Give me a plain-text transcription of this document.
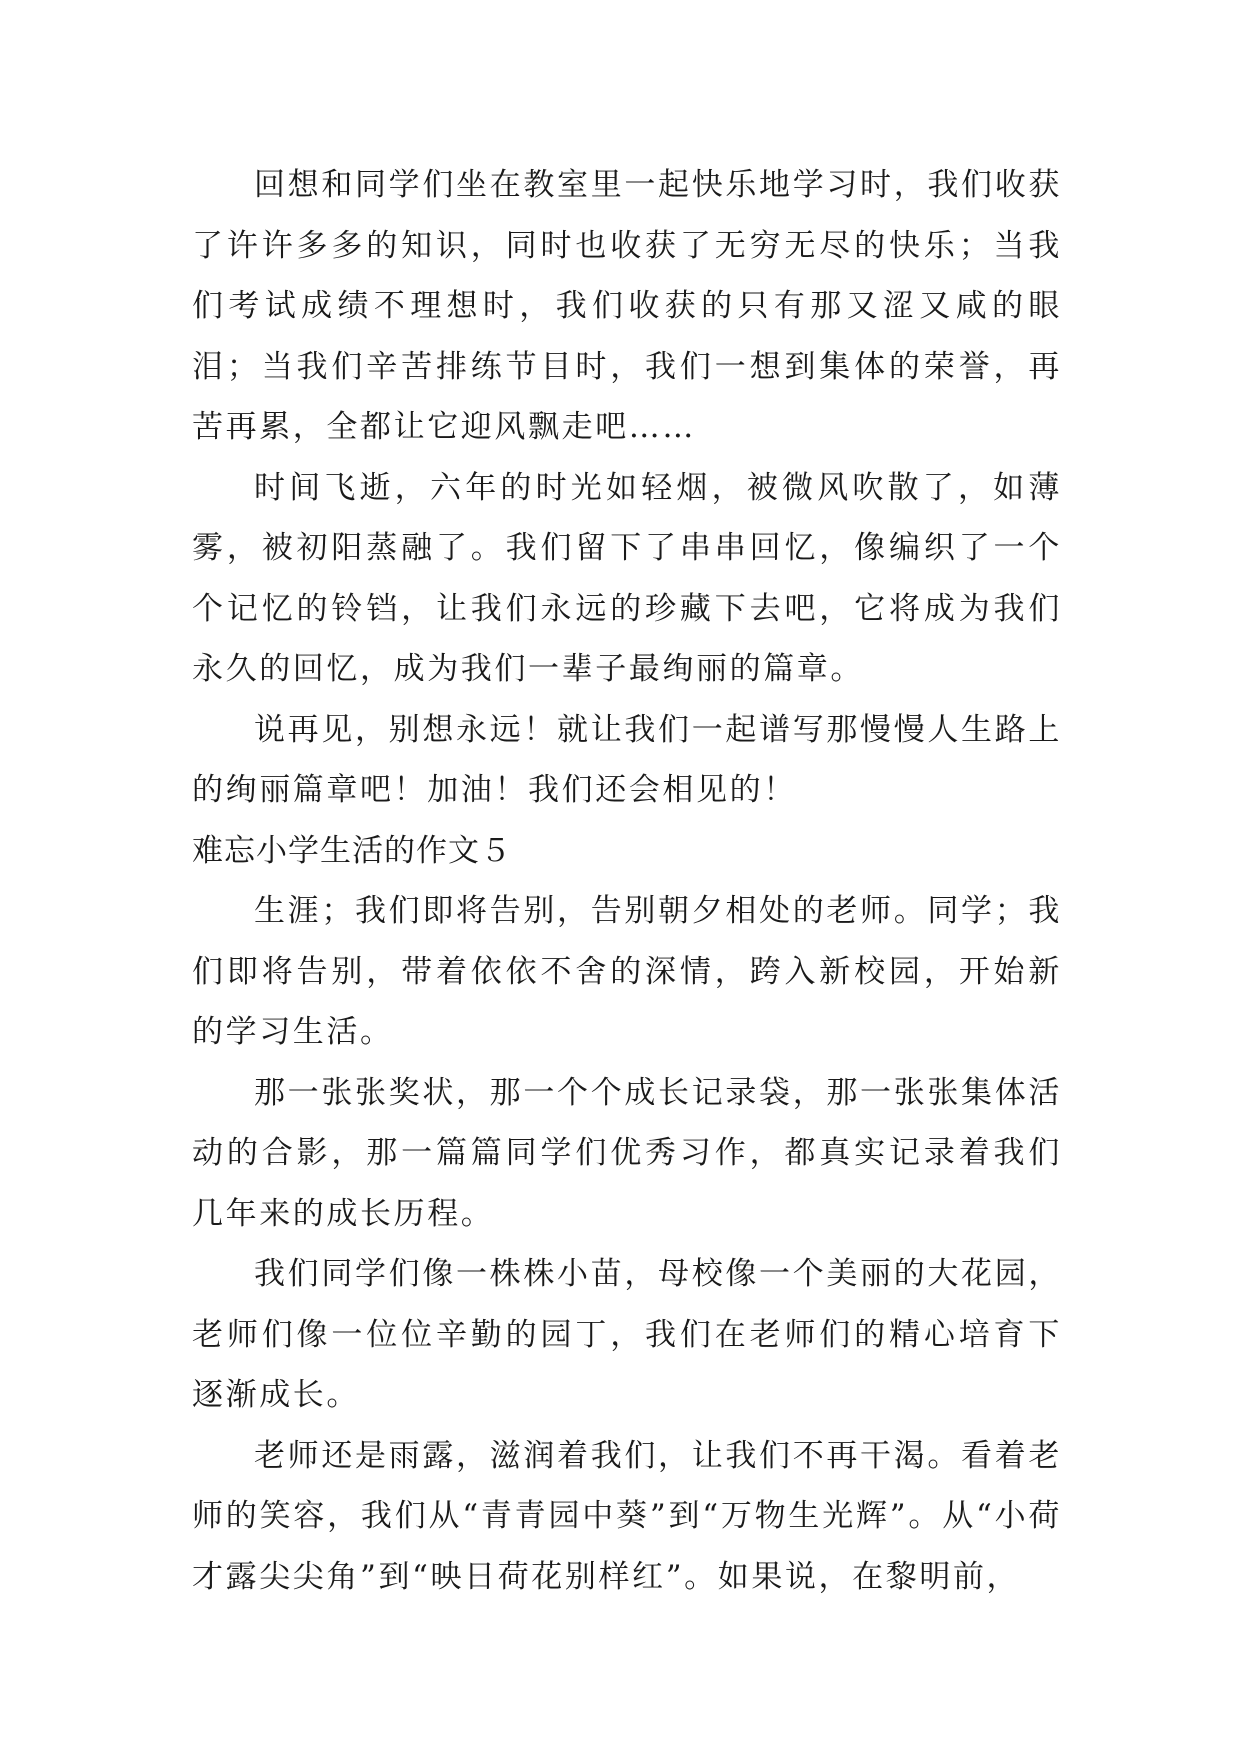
回想和同学们坐在教室里一起快乐地学习时，我们收获了许许多多的知识，同时也收获了无穷无尽的快乐；当我们考试成绩不理想时，我们收获的只有那又涩又咸的眼泪；当我们辛苦排练节目时，我们一想到集体的荣誉，再苦再累，全都让它迎风飘走吧……

时间飞逝，六年的时光如轻烟，被微风吹散了，如薄雾，被初阳蒸融了。我们留下了串串回忆，像编织了一个个记忆的铃铛，让我们永远的珍藏下去吧，它将成为我们永久的回忆，成为我们一辈子最绚丽的篇章。

说再见，别想永远！就让我们一起谱写那慢慢人生路上的绚丽篇章吧！加油！我们还会相见的！

难忘小学生活的作文５

生涯；我们即将告别，告别朝夕相处的老师。同学；我们即将告别，带着依依不舍的深情，跨入新校园，开始新的学习生活。

那一张张奖状，那一个个成长记录袋，那一张张集体活动的合影，那一篇篇同学们优秀习作，都真实记录着我们几年来的成长历程。

我们同学们像一株株小苗，母校像一个美丽的大花园，老师们像一位位辛勤的园丁，我们在老师们的精心培育下逐渐成长。

老师还是雨露，滋润着我们，让我们不再干渴。看着老师的笑容，我们从“青青园中葵”到“万物生光辉”。从“小荷才露尖尖角”到“映日荷花别样红”。如果说，在黎明前，
